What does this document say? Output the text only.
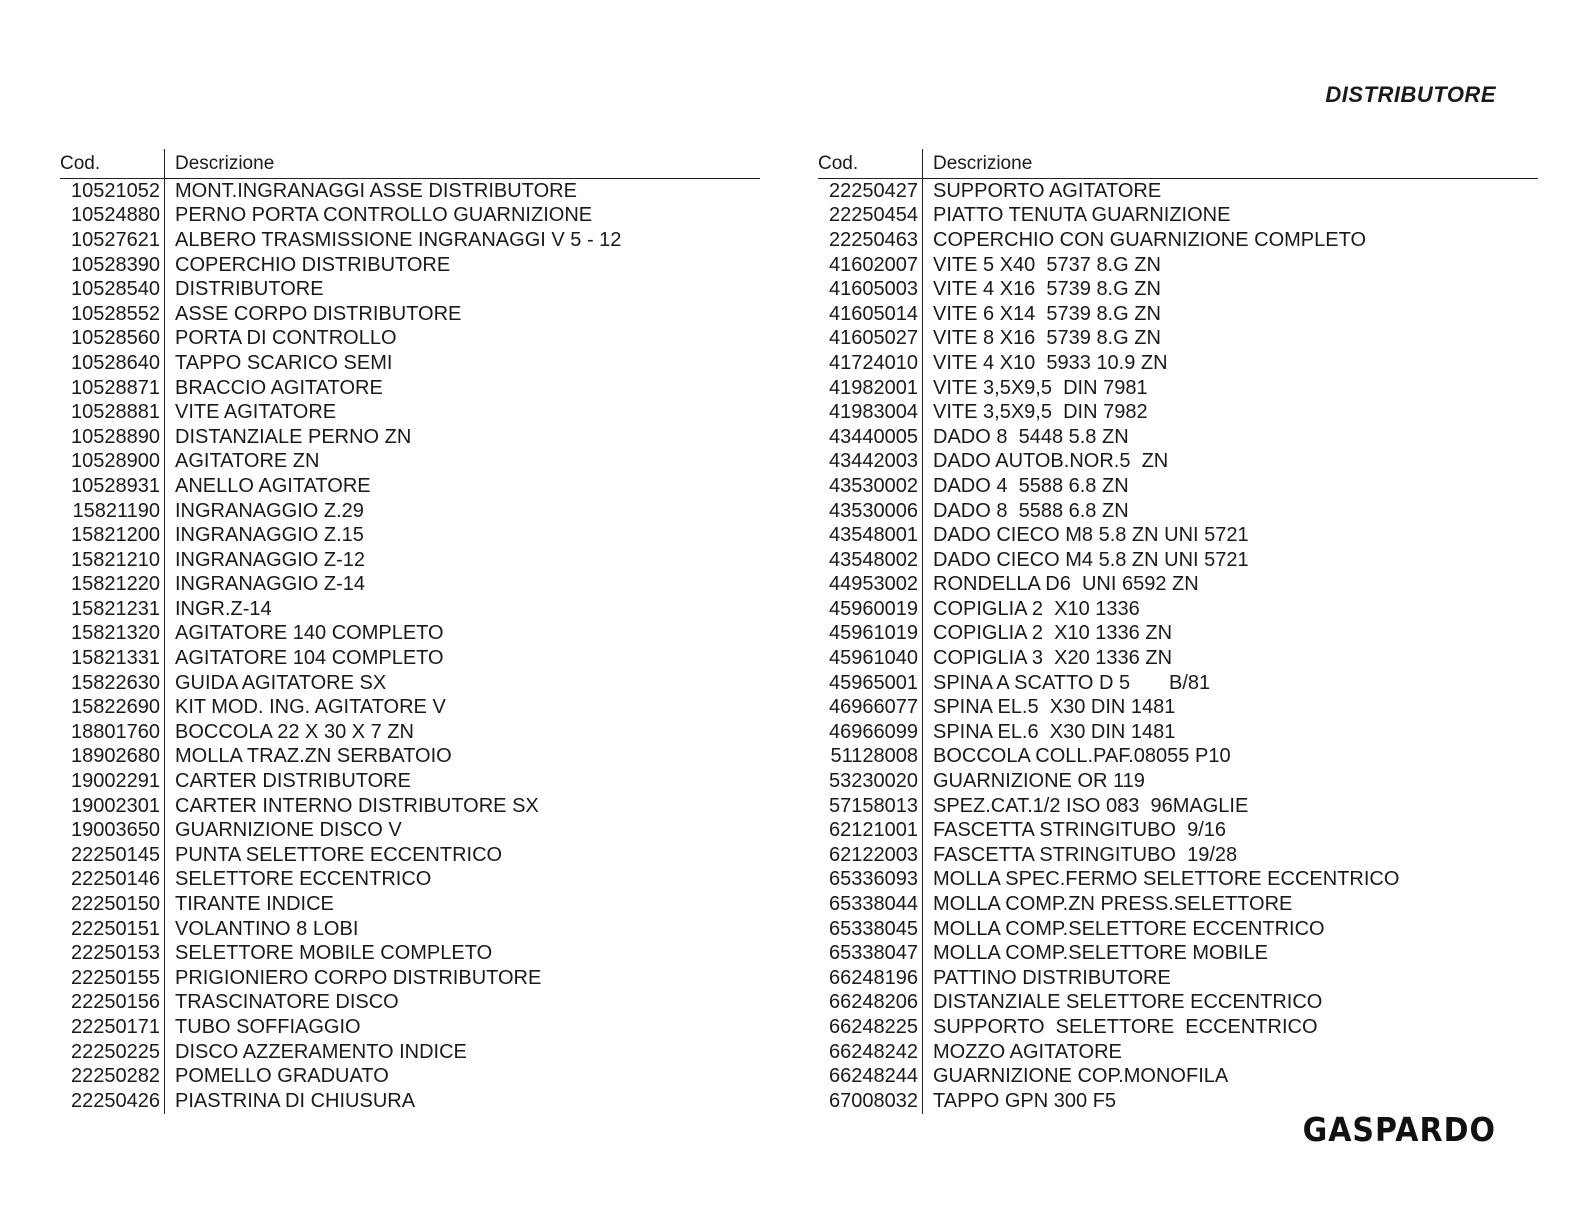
DISTRIBUTORE
Cod.	Descrizione
10521052 MONT.INGRANAGGI ASSE DISTRIBUTORE
10524880 PERNO PORTA CONTROLLO GUARNIZIONE
10527621 ALBERO TRASMISSIONE INGRANAGGI V 5 - 12
10528390 COPERCHIO DISTRIBUTORE
10528540 DISTRIBUTORE
10528552 ASSE CORPO DISTRIBUTORE
10528560 PORTA DI CONTROLLO
10528640 TAPPO SCARICO SEMI
10528871 BRACCIO AGITATORE
10528881 VITE AGITATORE
10528890 DISTANZIALE PERNO ZN
10528900 AGITATORE ZN
10528931 ANELLO AGITATORE
15821190 INGRANAGGIO Z.29
15821200 INGRANAGGIO Z.15
15821210 INGRANAGGIO Z-12
15821220 INGRANAGGIO Z-14
15821231 INGR.Z-14
15821320 AGITATORE 140 COMPLETO
15821331 AGITATORE 104 COMPLETO
15822630 GUIDA AGITATORE SX
15822690 KIT MOD. ING. AGITATORE V
18801760 BOCCOLA 22 X 30 X 7 ZN
18902680 MOLLA TRAZ.ZN SERBATOIO
19002291 CARTER DISTRIBUTORE
19002301 CARTER INTERNO DISTRIBUTORE SX
19003650 GUARNIZIONE DISCO V
22250145 PUNTA SELETTORE ECCENTRICO
22250146 SELETTORE ECCENTRICO
22250150 TIRANTE INDICE
22250151 VOLANTINO 8 LOBI
22250153 SELETTORE MOBILE COMPLETO
22250155 PRIGIONIERO CORPO DISTRIBUTORE
22250156 TRASCINATORE DISCO
22250171 TUBO SOFFIAGGIO
22250225 DISCO AZZERAMENTO INDICE
22250282 POMELLO GRADUATO
22250426 PIASTRINA DI CHIUSURA
Cod.	Descrizione
22250427 SUPPORTO AGITATORE
22250454 PIATTO TENUTA GUARNIZIONE
22250463 COPERCHIO CON GUARNIZIONE COMPLETO
41602007 VITE 5 X40  5737 8.G ZN
41605003 VITE 4 X16  5739 8.G ZN
41605014 VITE 6 X14  5739 8.G ZN
41605027 VITE 8 X16  5739 8.G ZN
41724010 VITE 4 X10  5933 10.9 ZN
41982001 VITE 3,5X9,5  DIN 7981
41983004 VITE 3,5X9,5  DIN 7982
43440005 DADO 8  5448 5.8 ZN
43442003 DADO AUTOB.NOR.5  ZN
43530002 DADO 4  5588 6.8 ZN
43530006 DADO 8  5588 6.8 ZN
43548001 DADO CIECO M8 5.8 ZN UNI 5721
43548002 DADO CIECO M4 5.8 ZN UNI 5721
44953002 RONDELLA D6  UNI 6592 ZN
45960019 COPIGLIA 2  X10 1336
45961019 COPIGLIA 2  X10 1336 ZN
45961040 COPIGLIA 3  X20 1336 ZN
45965001 SPINA A SCATTO D 5       B/81
46966077 SPINA EL.5  X30 DIN 1481
46966099 SPINA EL.6  X30 DIN 1481
51128008 BOCCOLA COLL.PAF.08055 P10
53230020 GUARNIZIONE OR 119
57158013 SPEZ.CAT.1/2 ISO 083  96MAGLIE
62121001 FASCETTA STRINGITUBO  9/16
62122003 FASCETTA STRINGITUBO  19/28
65336093 MOLLA SPEC.FERMO SELETTORE ECCENTRICO
65338044 MOLLA COMP.ZN PRESS.SELETTORE
65338045 MOLLA COMP.SELETTORE ECCENTRICO
65338047 MOLLA COMP.SELETTORE MOBILE
66248196 PATTINO DISTRIBUTORE
66248206 DISTANZIALE SELETTORE ECCENTRICO
66248225 SUPPORTO  SELETTORE  ECCENTRICO
66248242 MOZZO AGITATORE
66248244 GUARNIZIONE COP.MONOFILA
67008032 TAPPO GPN 300 F5
GASPARDO
